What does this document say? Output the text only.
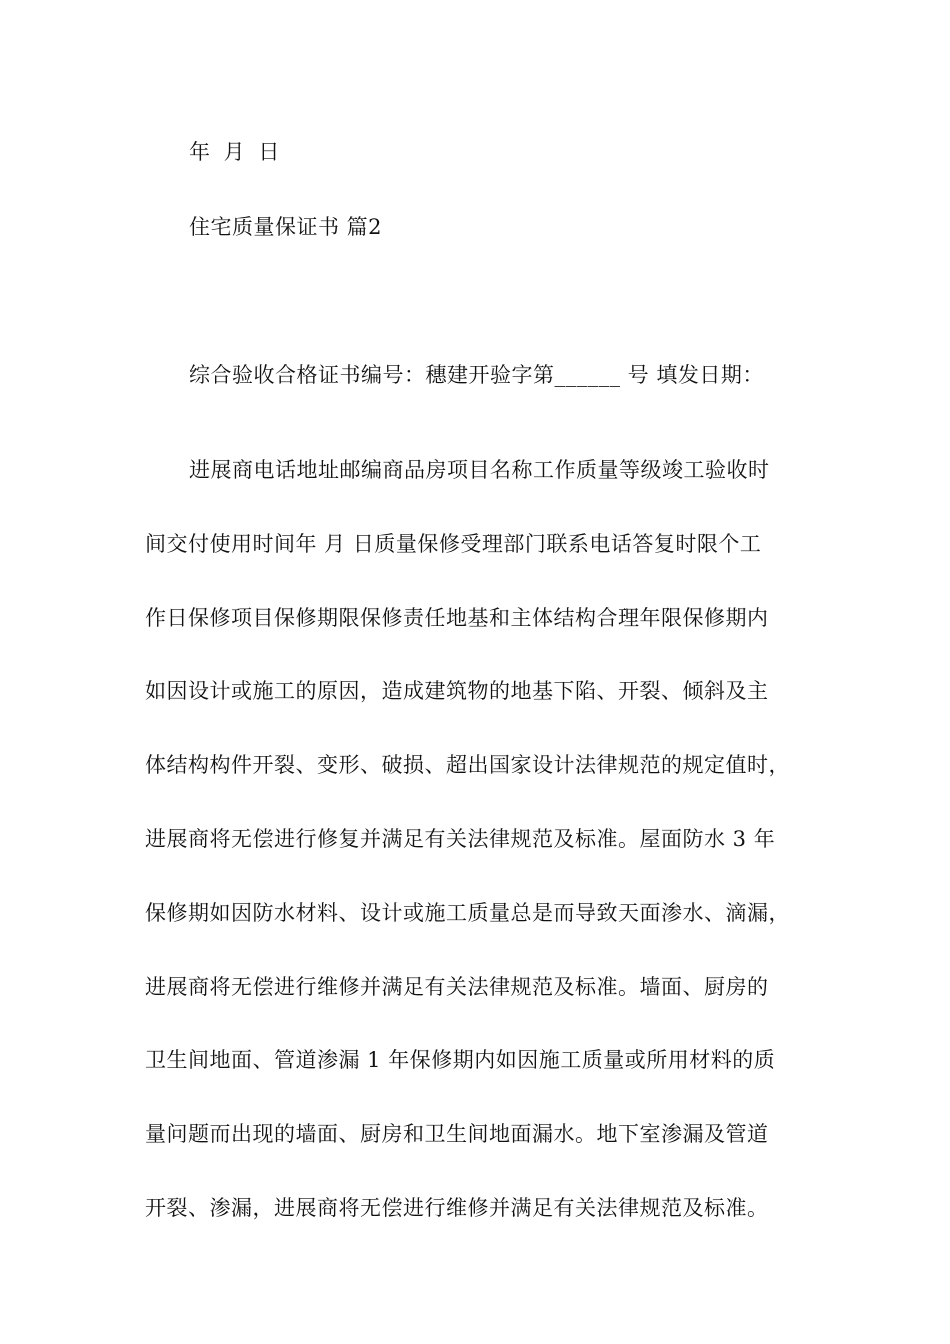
年 月 日
住宅质量保证书 篇2
综合验收合格证书编号：穗建开验字第______ 号 填发日期：
进展商电话地址邮编商品房项目名称工作质量等级竣工验收时
间交付使用时间年 月 日质量保修受理部门联系电话答复时限个工
作日保修项目保修期限保修责任地基和主体结构合理年限保修期内
如因设计或施工的原因，造成建筑物的地基下陷、开裂、倾斜及主
体结构构件开裂、变形、破损、超出国家设计法律规范的规定值时，
进展商将无偿进行修复并满足有关法律规范及标准。屋面防水 3 年
保修期如因防水材料、设计或施工质量总是而导致天面渗水、滴漏，
进展商将无偿进行维修并满足有关法律规范及标准。墙面、厨房的
卫生间地面、管道渗漏 1 年保修期内如因施工质量或所用材料的质
量问题而出现的墙面、厨房和卫生间地面漏水。地下室渗漏及管道
开裂、渗漏，进展商将无偿进行维修并满足有关法律规范及标准。
